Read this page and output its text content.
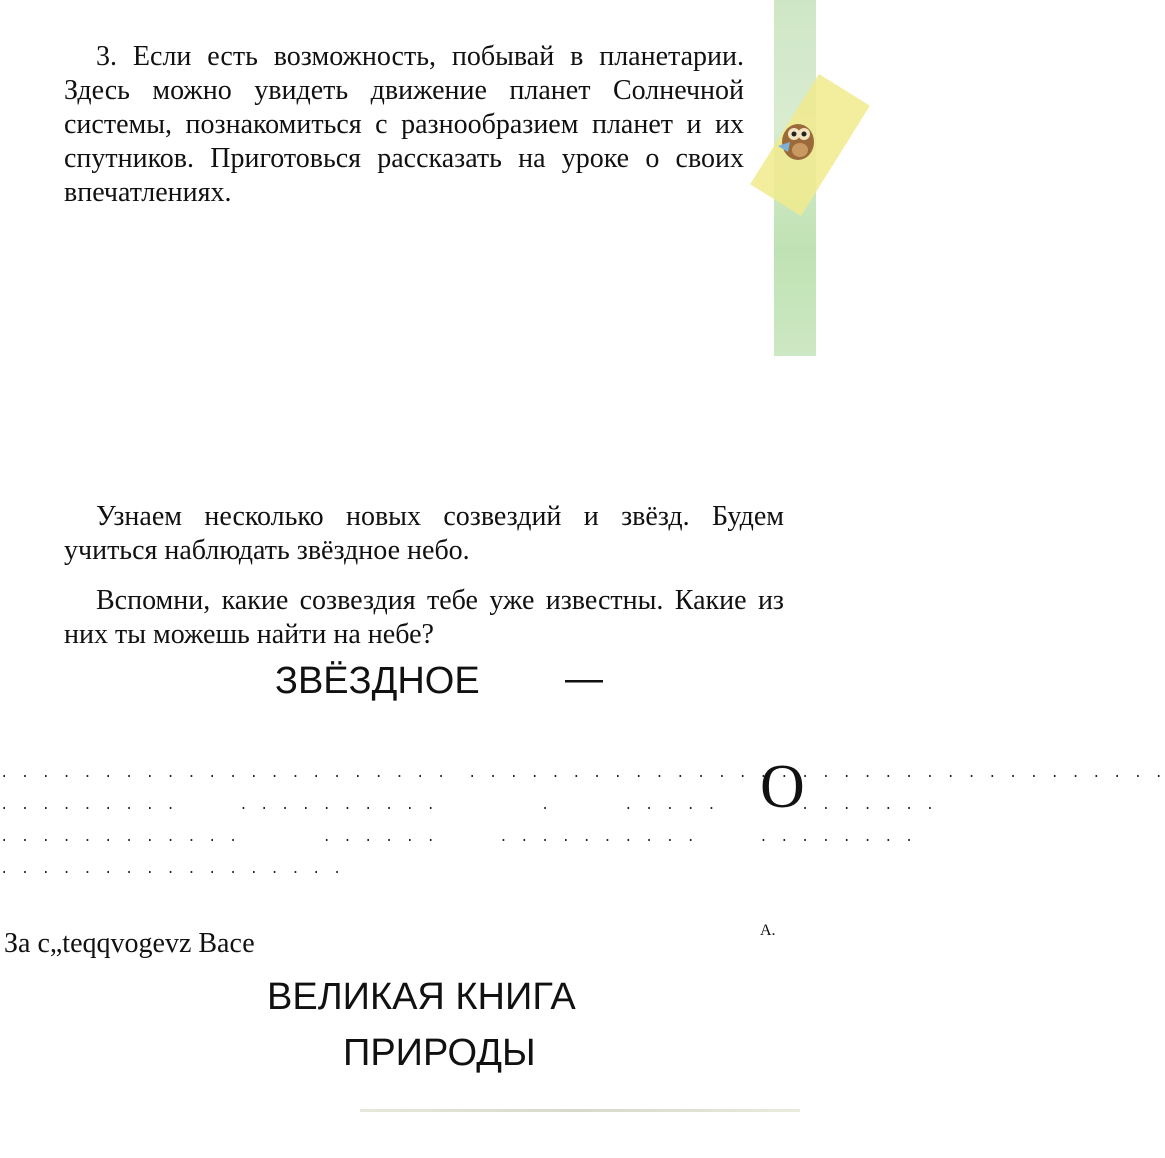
3. Если есть возможность, побывай в планетарии. Здесь можно увидеть движение планет Солнечной системы, познакомиться с разнообразием планет и их спутников. Приготовься рассказать на уроке о своих впечатлениях.

Узнаем несколько новых созвездий и звёзд. Будем учиться наблюдать звёздное небо.

Вспомни, какие созвездия тебе уже известны. Какие из них ты можешь найти на небе?

ЗВЁЗДНОЕ —
. . . . . . . . . . . . . . . . . . . . . .  . . . . . . . . . . . . . . . . . . . . . . . . . . . . . . . . . .
. . . . . . . . .      . . . . . . . . . .          .       . . . . .        . . . . . . .
. . . . . . . . . . . .        . . . . . .      . . . . . . . . . .      . . . . . . . .
. . . . . . . . . . . . . . . . .
О
За с„teqqvogevz Васе	А.
ВЕЛИКАЯ КНИГА
ПРИРОДЫ
